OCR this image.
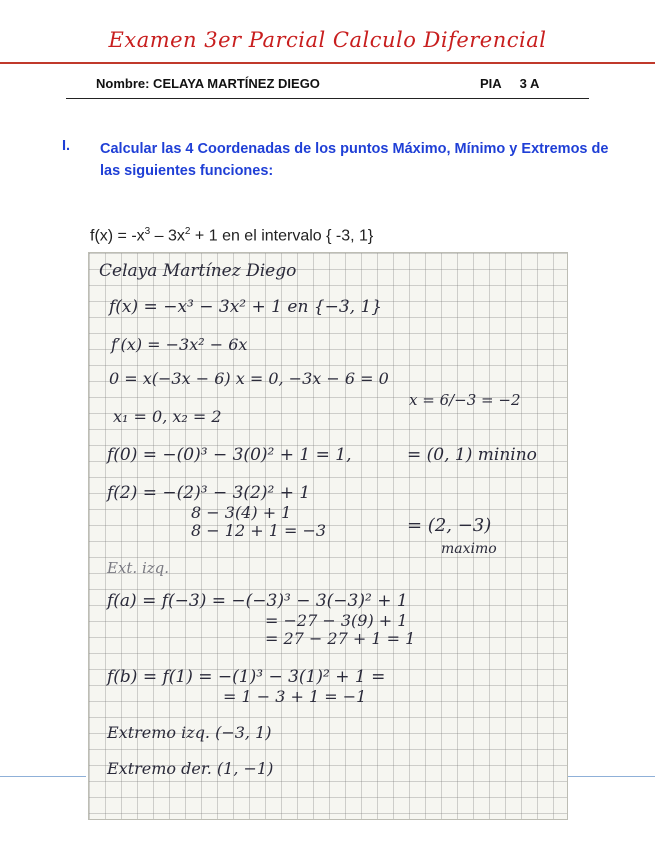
Examen 3er Parcial Calculo Diferencial
Nombre: CELAYA MARTÍNEZ DIEGO	PIA 3 A
I. Calcular las 4 Coordenadas de los puntos Máximo, Mínimo y Extremos de las siguientes funciones:
$f(x) = -x^3 - 3x^2 + 1$ en el intervalo { -3, 1}
Celaya Martínez Diego
f(x) = −x³ − 3x² + 1 en {−3, 1}
f′(x) = −3x² − 6x
0 = x(−3x − 6) x = 0, −3x − 6 = 0
x = 6/−3 = −2
x₁ = 0, x₂ = 2
f(0) = −(0)³ − 3(0)² + 1 = 1,	= (0, 1) minino
f(2) = −(2)³ − 3(2)² + 1
8 − 3(4) + 1
8 − 12 + 1 = −3	= (2, −3)
maximo
Ext. izq.
f(a) = f(−3) = −(−3)³ − 3(−3)² + 1
= −27 − 3(9) + 1
= 27 − 27 + 1 = 1
f(b) = f(1) = −(1)³ − 3(1)² + 1 =
= 1 − 3 + 1 = −1
Extremo izq. (−3, 1)
Extremo der. (1, −1)
